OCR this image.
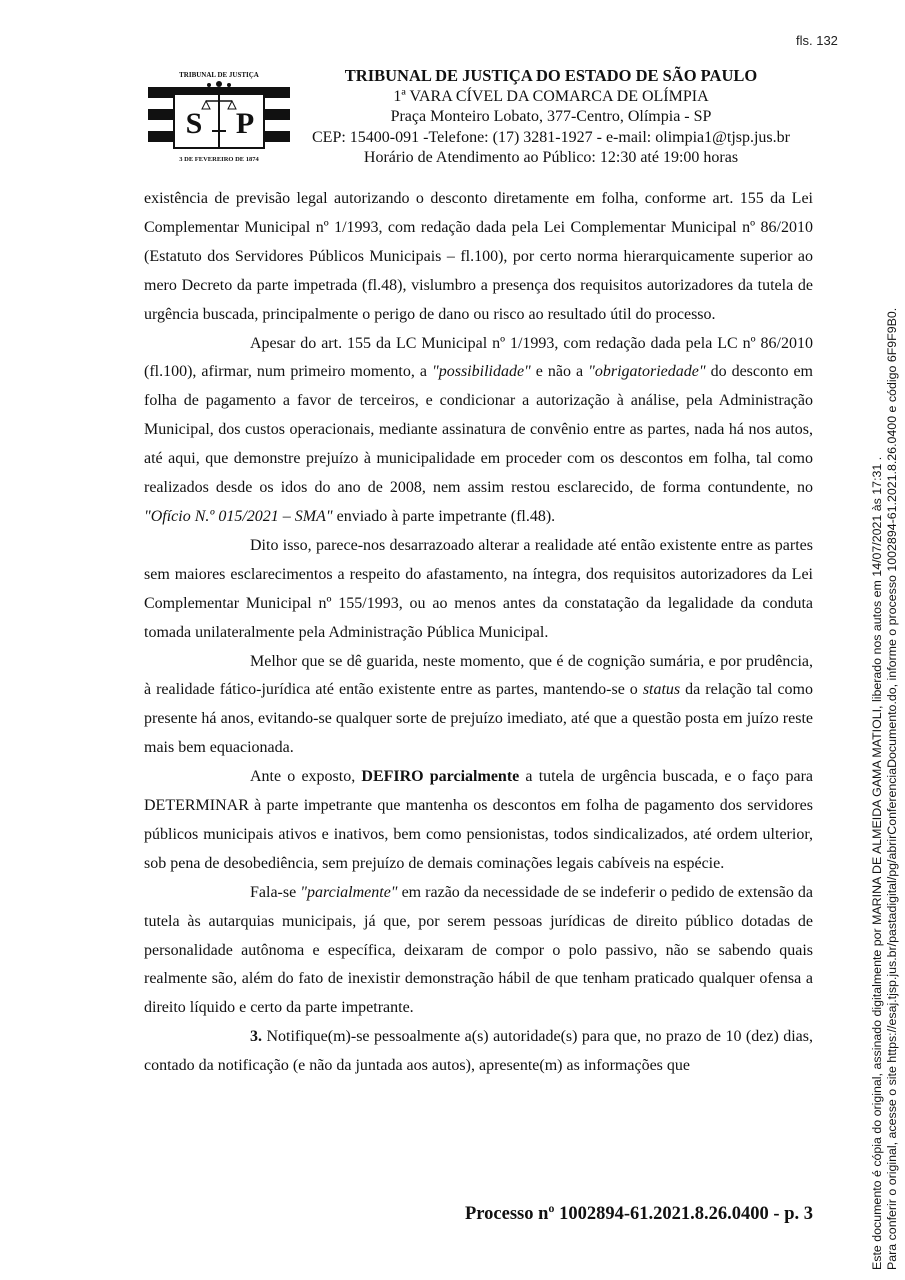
fls. 132
TRIBUNAL DE JUSTIÇA
S P
3 DE FEVEREIRO DE 1874
TRIBUNAL DE JUSTIÇA DO ESTADO DE SÃO PAULO
1ª VARA CÍVEL DA COMARCA DE OLÍMPIA
Praça Monteiro Lobato, 377-Centro, Olímpia - SP
CEP: 15400-091 -Telefone: (17) 3281-1927 - e-mail: olimpia1@tjsp.jus.br
Horário de Atendimento ao Público: 12:30 até 19:00 horas

existência de previsão legal autorizando o desconto diretamente em folha, conforme art. 155 da Lei Complementar Municipal nº 1/1993, com redação dada pela Lei Complementar Municipal nº 86/2010 (Estatuto dos Servidores Públicos Municipais – fl.100), por certo norma hierarquicamente superior ao mero Decreto da parte impetrada (fl.48), vislumbro a presença dos requisitos autorizadores da tutela de urgência buscada, principalmente o perigo de dano ou risco ao resultado útil do processo.

Apesar do art. 155 da LC Municipal nº 1/1993, com redação dada pela LC nº 86/2010 (fl.100), afirmar, num primeiro momento, a "possibilidade" e não a "obrigatoriedade" do desconto em folha de pagamento a favor de terceiros, e condicionar a autorização à análise, pela Administração Municipal, dos custos operacionais, mediante assinatura de convênio entre as partes, nada há nos autos, até aqui, que demonstre prejuízo à municipalidade em proceder com os descontos em folha, tal como realizados desde os idos do ano de 2008, nem assim restou esclarecido, de forma contundente, no "Ofício N.º 015/2021 – SMA" enviado à parte impetrante (fl.48).

Dito isso, parece-nos desarrazoado alterar a realidade até então existente entre as partes sem maiores esclarecimentos a respeito do afastamento, na íntegra, dos requisitos autorizadores da Lei Complementar Municipal nº 155/1993, ou ao menos antes da constatação da legalidade da conduta tomada unilateralmente pela Administração Pública Municipal.

Melhor que se dê guarida, neste momento, que é de cognição sumária, e por prudência, à realidade fático-jurídica até então existente entre as partes, mantendo-se o status da relação tal como presente há anos, evitando-se qualquer sorte de prejuízo imediato, até que a questão posta em juízo reste mais bem equacionada.

Ante o exposto, DEFIRO parcialmente a tutela de urgência buscada, e o faço para DETERMINAR à parte impetrante que mantenha os descontos em folha de pagamento dos servidores públicos municipais ativos e inativos, bem como pensionistas, todos sindicalizados, até ordem ulterior, sob pena de desobediência, sem prejuízo de demais cominações legais cabíveis na espécie.

Fala-se "parcialmente" em razão da necessidade de se indeferir o pedido de extensão da tutela às autarquias municipais, já que, por serem pessoas jurídicas de direito público dotadas de personalidade autônoma e específica, deixaram de compor o polo passivo, não se sabendo quais realmente são, além do fato de inexistir demonstração hábil de que tenham praticado qualquer ofensa a direito líquido e certo da parte impetrante.

3. Notifique(m)-se pessoalmente a(s) autoridade(s) para que, no prazo de 10 (dez) dias, contado da notificação (e não da juntada aos autos), apresente(m) as informações que

Processo nº 1002894-61.2021.8.26.0400 - p. 3	Este documento é cópia do original, assinado digitalmente por MARINA DE ALMEIDA GAMA MATIOLI, liberado nos autos em 14/07/2021 às 17:31 . Para conferir o original, acesse o site https://esaj.tjsp.jus.br/pastadigital/pg/abrirConferenciaDocumento.do, informe o processo 1002894-61.2021.8.26.0400 e código 6F9F9B0.
